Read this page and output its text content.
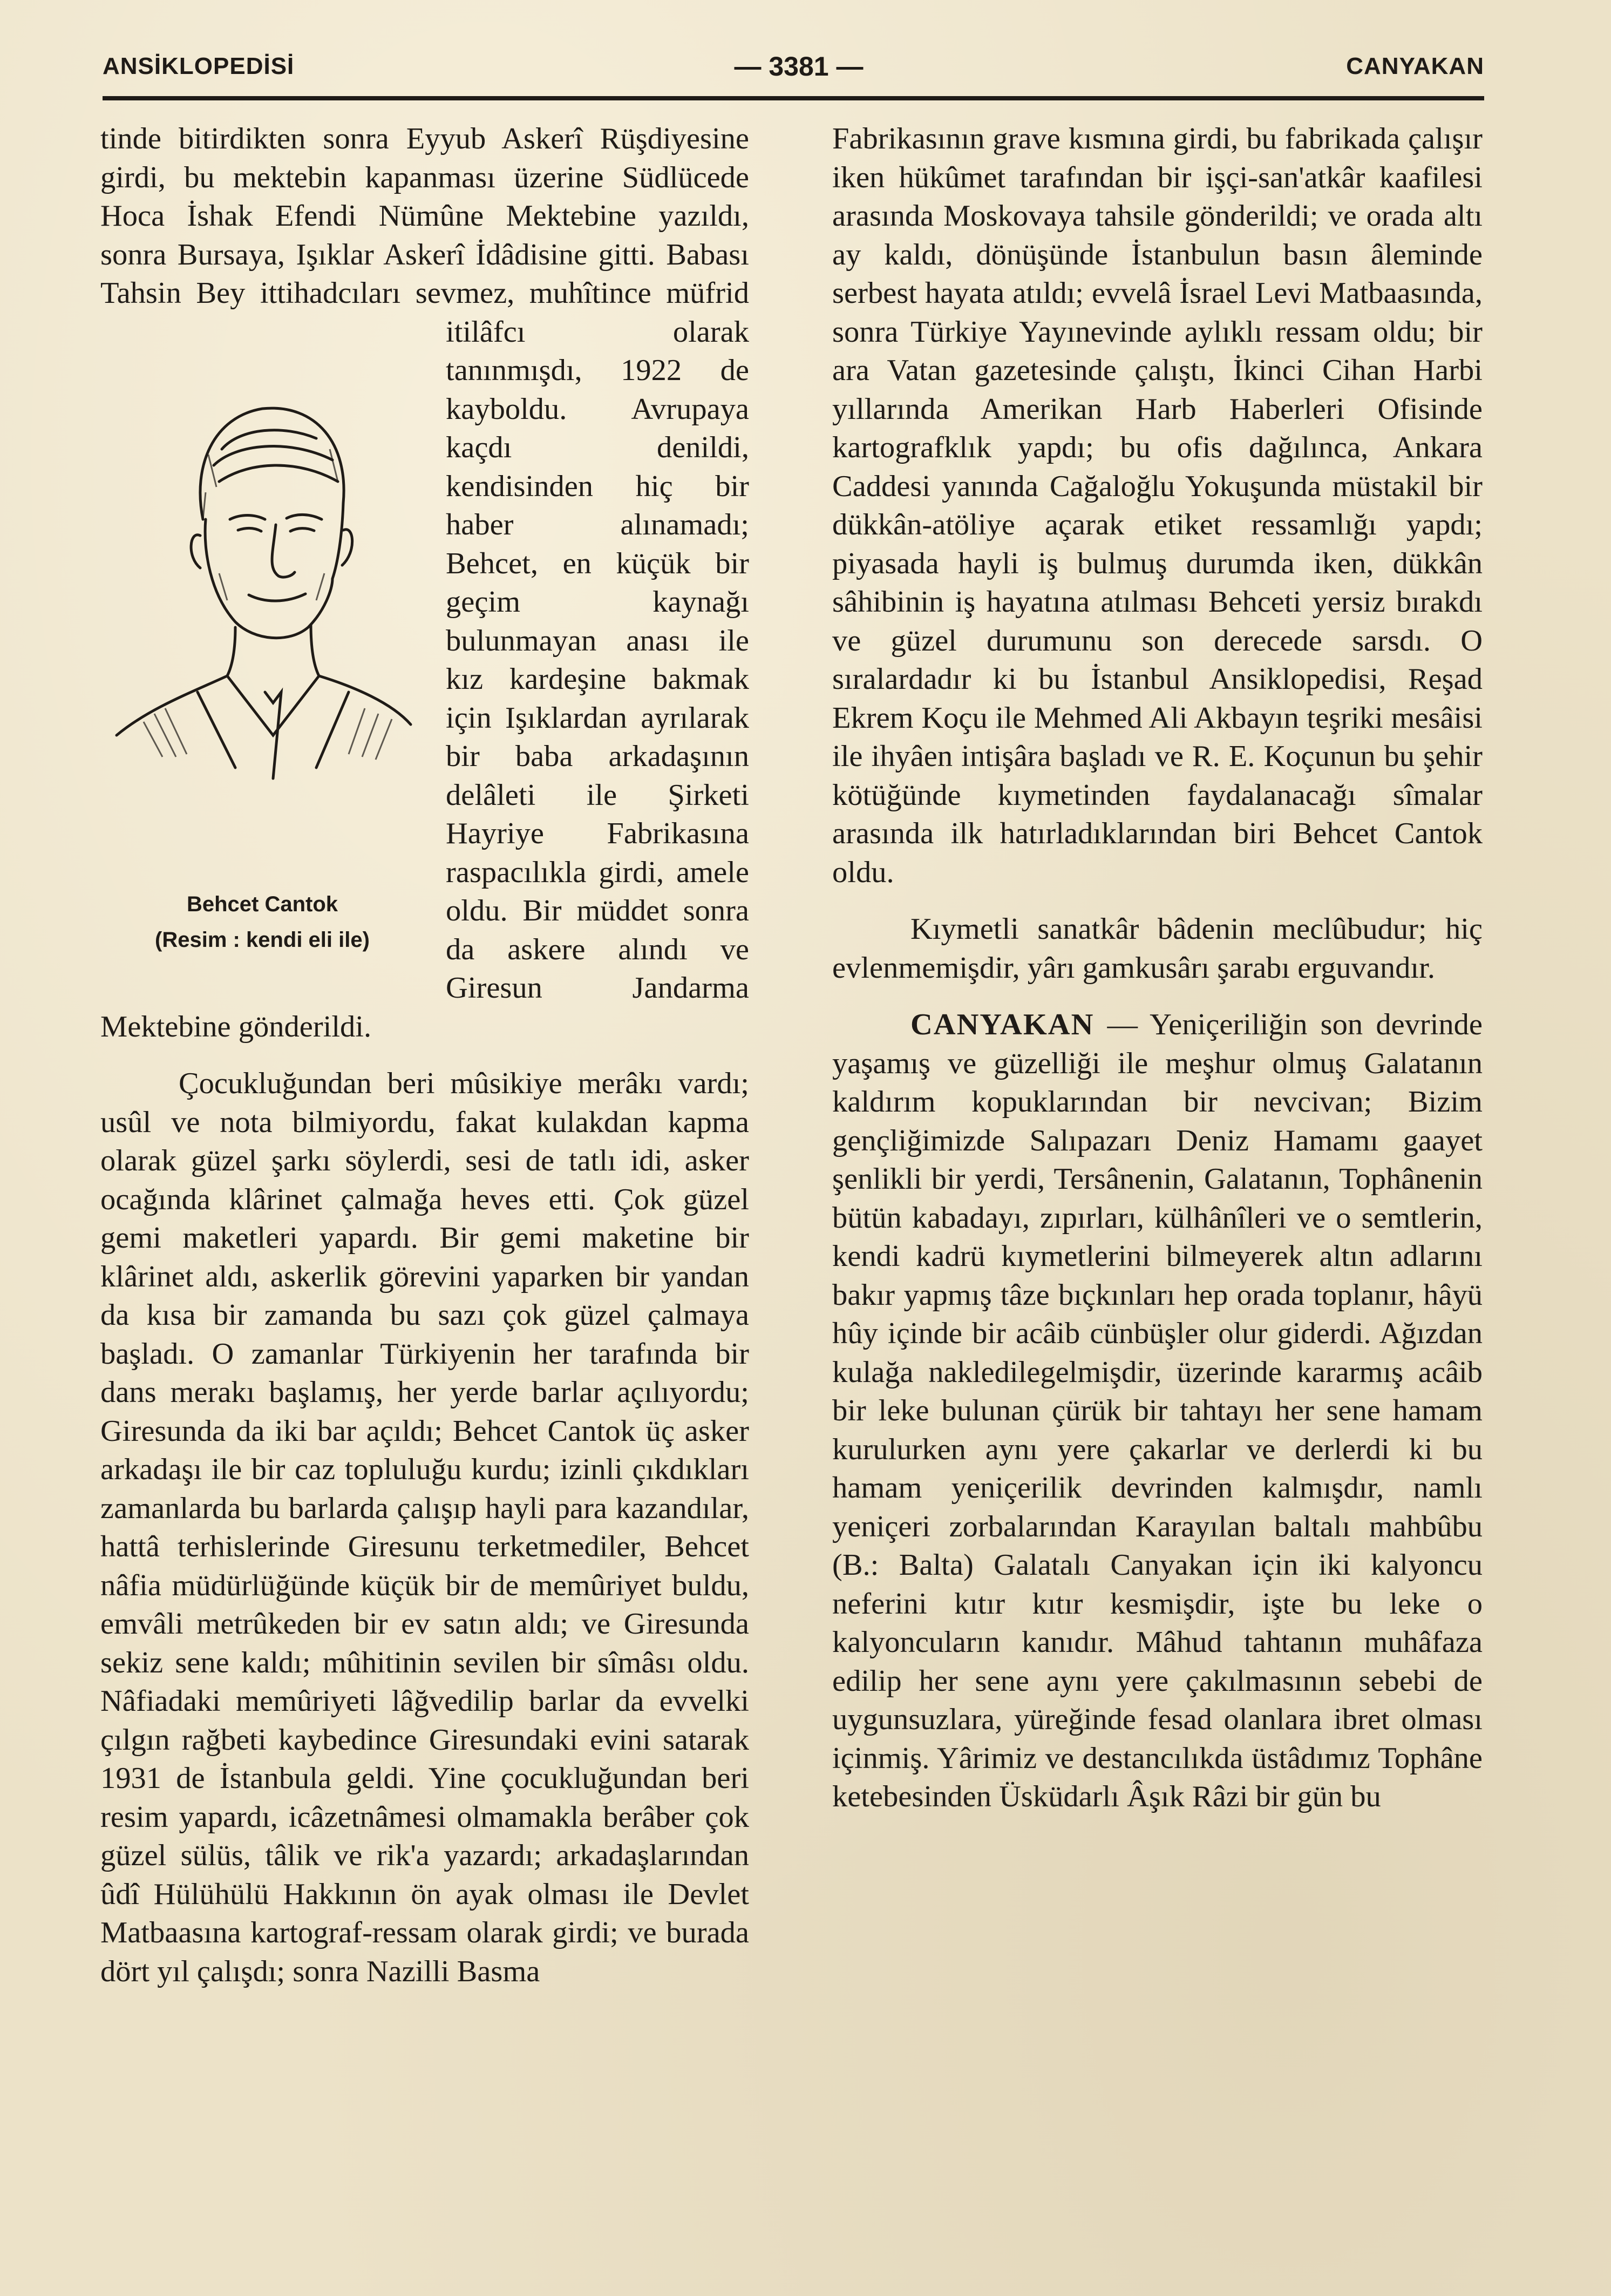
ANSİKLOPEDİSİ	— 3381 —	CANYAKAN
Behcet Cantok
(Resim : kendi eli ile)

tinde bitirdikten sonra Eyyub Askerî Rüşdiyesine girdi, bu mektebin kapanması üzerine Südlücede Hoca İshak Efendi Nümûne Mektebine yazıldı, sonra Bursaya, Işıklar Askerî İdâdisine gitti. Babası Tahsin Bey ittihadcıları sevmez, muhîtince müfrid itilâfcı olarak tanınmışdı, 1922 de kayboldu. Avrupaya kaçdı denildi, kendisinden hiç bir haber alınamadı; Behcet, en küçük bir geçim kaynağı bulunmayan anası ile kız kardeşine bakmak için Işıklardan ayrılarak bir baba arkadaşının delâleti ile Şirketi Hayriye Fabrikasına raspacılıkla girdi, amele oldu. Bir müddet sonra da askere alındı ve Giresun Jandarma Mektebine gönderildi.

Çocukluğundan beri mûsikiye merâkı vardı; usûl ve nota bilmiyordu, fakat kulakdan kapma olarak güzel şarkı söylerdi, sesi de tatlı idi, asker ocağında klârinet çalmağa heves etti. Çok güzel gemi maketleri yapardı. Bir gemi maketine bir klârinet aldı, askerlik görevini yaparken bir yandan da kısa bir zamanda bu sazı çok güzel çalmaya başladı. O zamanlar Türkiyenin her tarafında bir dans merakı başlamış, her yerde barlar açılıyordu; Giresunda da iki bar açıldı; Behcet Cantok üç asker arkadaşı ile bir caz topluluğu kurdu; izinli çıkdıkları zamanlarda bu barlarda çalışıp hayli para kazandılar, hattâ terhislerinde Giresunu terketmediler, Behcet nâfia müdürlüğünde küçük bir de memûriyet buldu, emvâli metrûkeden bir ev satın aldı; ve Giresunda sekiz sene kaldı; mûhitinin sevilen bir sîmâsı oldu. Nâfiadaki memûriyeti lâğvedilip barlar da evvelki çılgın rağbeti kaybedince Giresundaki evini satarak 1931 de İstanbula geldi. Yine çocukluğundan beri resim yapardı, icâzetnâmesi olmamakla berâber çok güzel sülüs, tâlik ve rik'a yazardı; arkadaşlarından ûdî Hülühülü Hakkının ön ayak olması ile Devlet Matbaasına kartograf-ressam olarak girdi; ve burada dört yıl çalışdı; sonra Nazilli Basma

Fabrikasının grave kısmına girdi, bu fabrikada çalışır iken hükûmet tarafından bir işçi-san'atkâr kaafilesi arasında Moskovaya tahsile gönderildi; ve orada altı ay kaldı, dönüşünde İstanbulun basın âleminde serbest hayata atıldı; evvelâ İsrael Levi Matbaasında, sonra Türkiye Yayınevinde aylıklı ressam oldu; bir ara Vatan gazetesinde çalıştı, İkinci Cihan Harbi yıllarında Amerikan Harb Haberleri Ofisinde kartografklık yapdı; bu ofis dağılınca, Ankara Caddesi yanında Cağaloğlu Yokuşunda müstakil bir dükkân-atöliye açarak etiket ressamlığı yapdı; piyasada hayli iş bulmuş durumda iken, dükkân sâhibinin iş hayatına atılması Behceti yersiz bırakdı ve güzel durumunu son derecede sarsdı. O sıralardadır ki bu İstanbul Ansiklopedisi, Reşad Ekrem Koçu ile Mehmed Ali Akbayın teşriki mesâisi ile ihyâen intişâra başladı ve R. E. Koçunun bu şehir kötüğünde kıymetinden faydalanacağı sîmalar arasında ilk hatırladıklarından biri Behcet Cantok oldu.

Kıymetli sanatkâr bâdenin meclûbudur; hiç evlenmemişdir, yârı gamkusârı şarabı erguvandır.

CANYAKAN — Yeniçeriliğin son devrinde yaşamış ve güzelliği ile meşhur olmuş Galatanın kaldırım kopuklarından bir nevcivan; Bizim gençliğimizde Salıpazarı Deniz Hamamı gaayet şenlikli bir yerdi, Tersânenin, Galatanın, Tophânenin bütün kabadayı, zıpırları, külhânîleri ve o semtlerin, kendi kadrü kıymetlerini bilmeyerek altın adlarını bakır yapmış tâze bıçkınları hep orada toplanır, hâyü hûy içinde bir acâib cünbüşler olur giderdi. Ağızdan kulağa nakledilegelmişdir, üzerinde kararmış acâib bir leke bulunan çürük bir tahtayı her sene hamam kurulurken aynı yere çakarlar ve derlerdi ki bu hamam yeniçerilik devrinden kalmışdır, namlı yeniçeri zorbalarından Karayılan baltalı mahbûbu (B.: Balta) Galatalı Canyakan için iki kalyoncu neferini kıtır kıtır kesmişdir, işte bu leke o kalyoncuların kanıdır. Mâhud tahtanın muhâfaza edilip her sene aynı yere çakılmasının sebebi de uygunsuzlara, yüreğinde fesad olanlara ibret olması içinmiş. Yârimiz ve destancılıkda üstâdımız Tophâne ketebesinden Üsküdarlı Âşık Râzi bir gün bu
